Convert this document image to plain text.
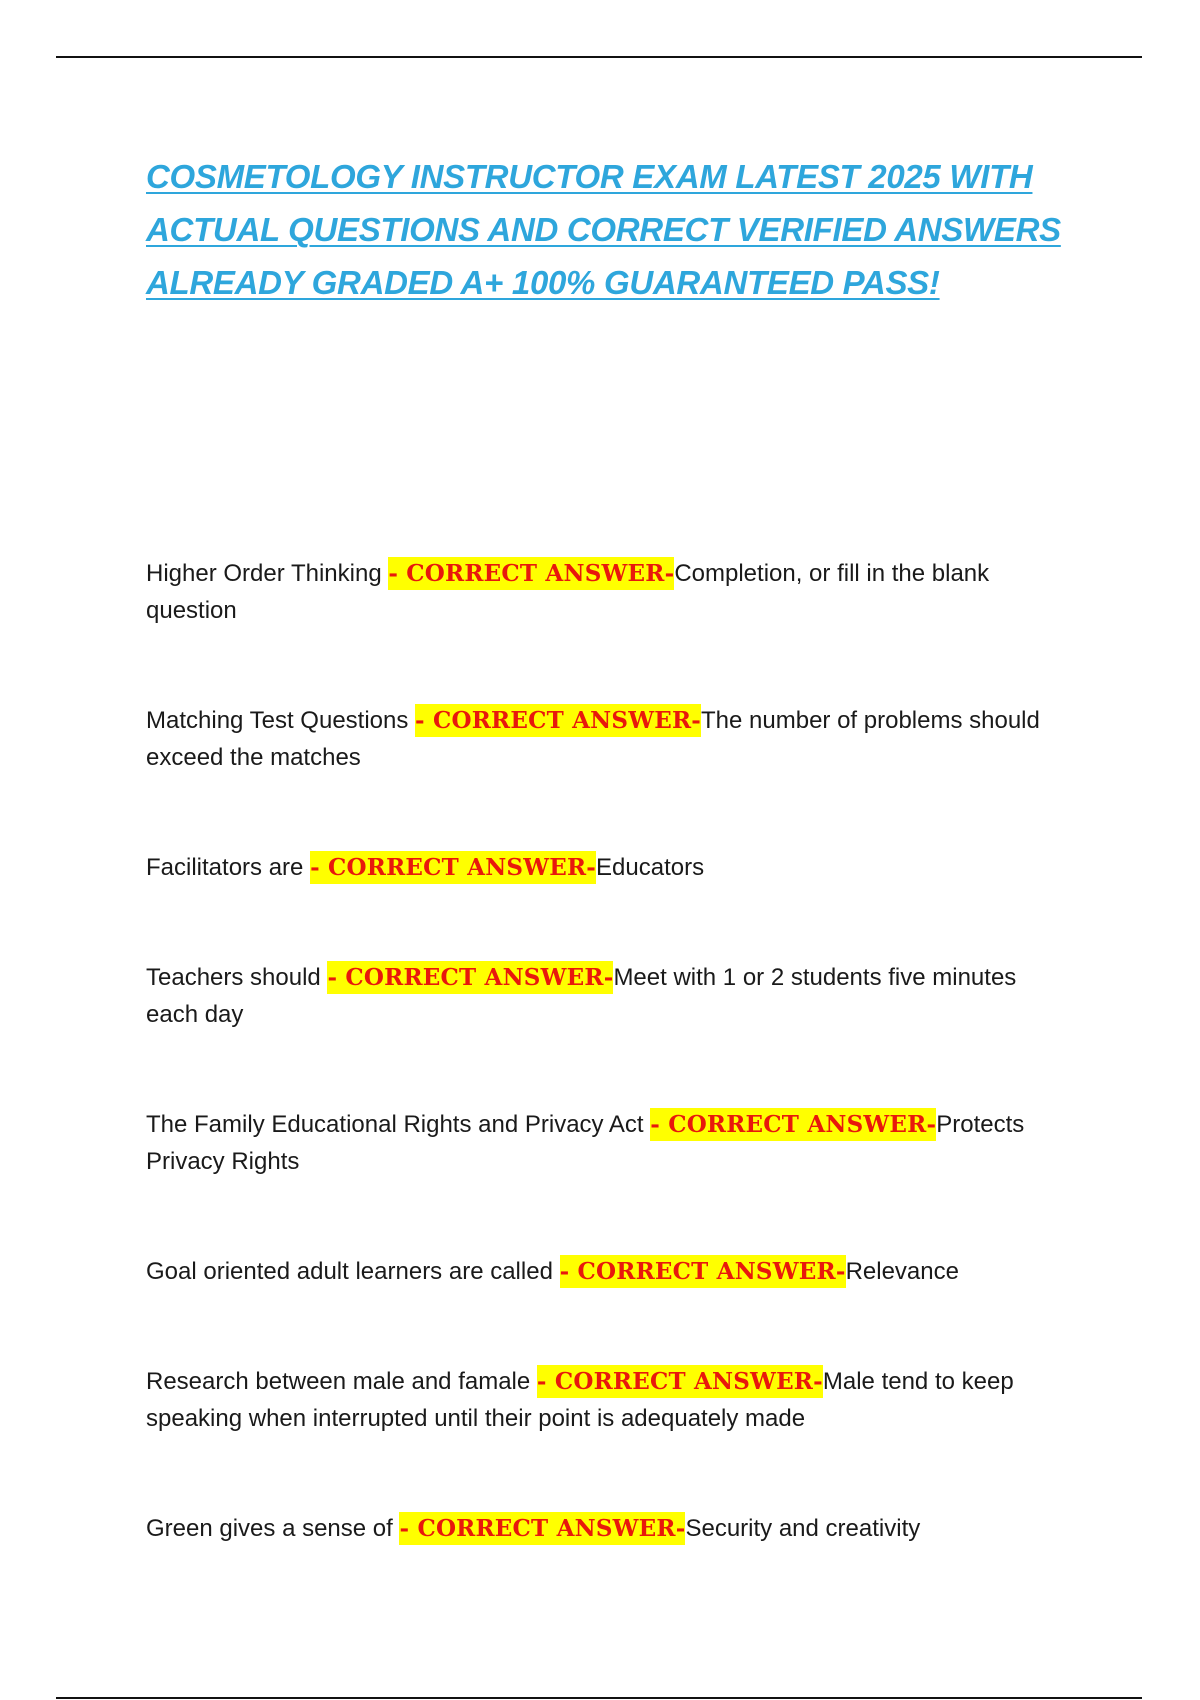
COSMETOLOGY INSTRUCTOR EXAM LATEST 2025 WITH ACTUAL QUESTIONS AND CORRECT VERIFIED ANSWERS ALREADY GRADED A+ 100% GUARANTEED PASS!

Higher Order Thinking - CORRECT ANSWER-Completion, or fill in the blank question

Matching Test Questions - CORRECT ANSWER-The number of problems should exceed the matches

Facilitators are - CORRECT ANSWER-Educators

Teachers should - CORRECT ANSWER-Meet with 1 or 2 students five minutes each day

The Family Educational Rights and Privacy Act - CORRECT ANSWER-Protects Privacy Rights

Goal oriented adult learners are called - CORRECT ANSWER-Relevance

Research between male and famale - CORRECT ANSWER-Male tend to keep speaking when interrupted until their point is adequately made

Green gives a sense of - CORRECT ANSWER-Security and creativity
